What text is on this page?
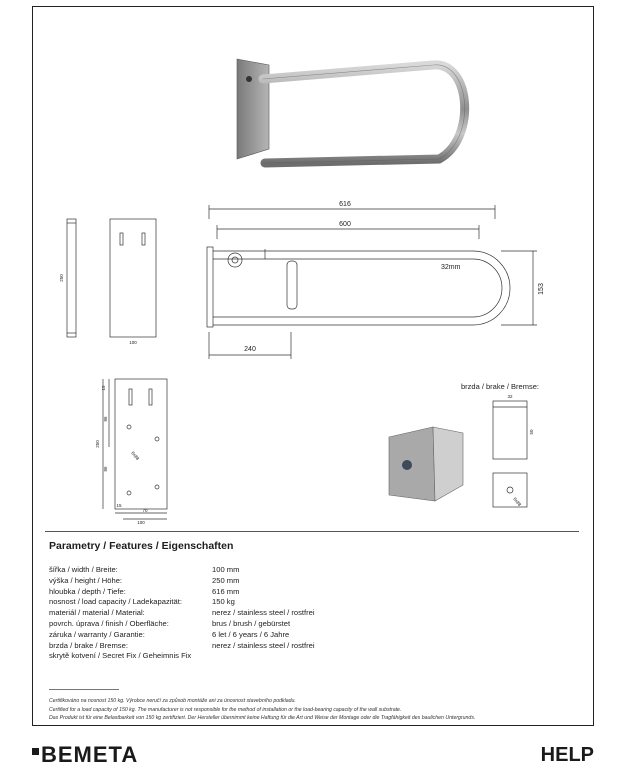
616
600
32mm
153
240
250
100
15
86
250
86
15
70
100
6x88
brzda / brake / Bremse:
32
50
6x88
Parametry / Features / Eigenschaften
šířka / width / Breite:	100 mm
výška / height / Höhe:	250 mm
hloubka / depth / Tiefe:	616 mm
nosnost / load capacity / Ladekapazität:	150 kg
materiál / material / Material:	nerez / stainless steel / rostfrei
povrch. úprava / finish / Oberfläche:	brus / brush / gebürstet
záruka / warranty / Garantie:	6 let / 6 years / 6 Jahre
brzda / brake / Bremse:	nerez / stainless steel / rostfrei
skrytě kotvení / Secret Fix / Geheimnis Fix
Certifikováno na nosnost 150 kg. Výrobce neručí za způsob montáže ani za únosnost stavebního podkladu.
Certified for a load capacity of 150 kg. The manufacturer is not responsible for the method of installation or the load-bearing capacity of the wall substrate.
Das Produkt ist für eine Belastbarkeit von 150 kg zertifiziert. Der Hersteller übernimmt keine Haftung für die Art und Weise der Montage oder die Tragfähigkeit des baulichen Untergrunds.
BEMETA	HELP
